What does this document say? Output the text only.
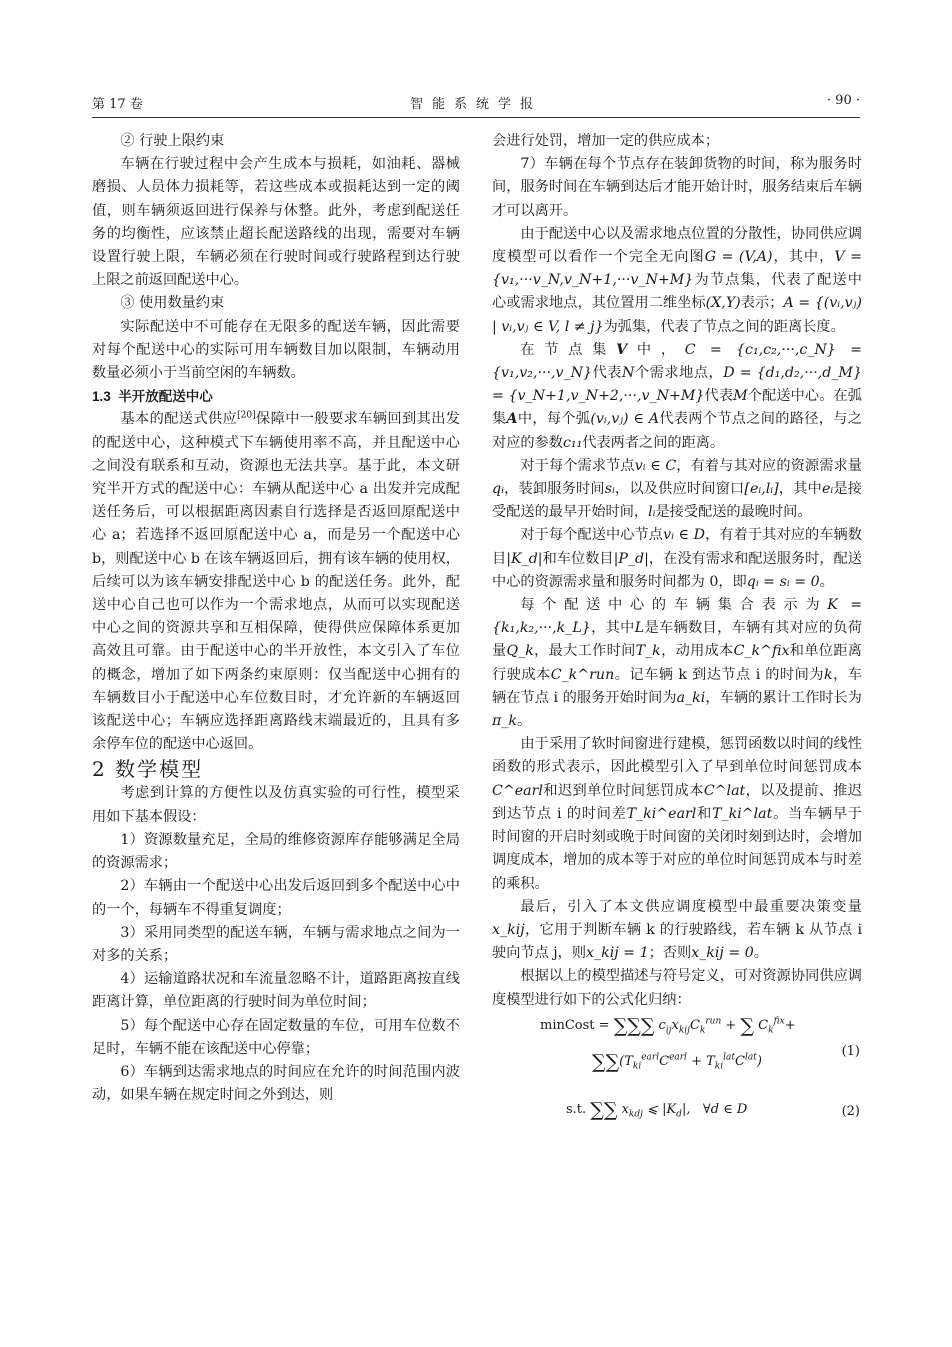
第 17 卷	智能系统学报	· 90 ·

② 行驶上限约束

车辆在行驶过程中会产生成本与损耗，如油耗、器械磨损、人员体力损耗等，若这些成本或损耗达到一定的阈值，则车辆须返回进行保养与休整。此外，考虑到配送任务的均衡性，应该禁止超长配送路线的出现，需要对车辆设置行驶上限，车辆必须在行驶时间或行驶路程到达行驶上限之前返回配送中心。

③ 使用数量约束

实际配送中不可能存在无限多的配送车辆，因此需要对每个配送中心的实际可用车辆数目加以限制，车辆动用数量必须小于当前空闲的车辆数。

1.3 半开放配送中心

基本的配送式供应[20]保障中一般要求车辆回到其出发的配送中心，这种模式下车辆使用率不高，并且配送中心之间没有联系和互动，资源也无法共享。基于此，本文研究半开方式的配送中心：车辆从配送中心 a 出发并完成配送任务后，可以根据距离因素自行选择是否返回原配送中心 a；若选择不返回原配送中心 a，而是另一个配送中心 b，则配送中心 b 在该车辆返回后，拥有该车辆的使用权，后续可以为该车辆安排配送中心 b 的配送任务。此外，配送中心自己也可以作为一个需求地点，从而可以实现配送中心之间的资源共享和互相保障，使得供应保障体系更加高效且可靠。由于配送中心的半开放性，本文引入了车位的概念，增加了如下两条约束原则：仅当配送中心拥有的车辆数目小于配送中心车位数目时，才允许新的车辆返回该配送中心；车辆应选择距离路线末端最近的，且具有多余停车位的配送中心返回。

2 数学模型

考虑到计算的方便性以及仿真实验的可行性，模型采用如下基本假设：

1）资源数量充足，全局的维修资源库存能够满足全局的资源需求；

2）车辆由一个配送中心出发后返回到多个配送中心中的一个，每辆车不得重复调度；

3）采用同类型的配送车辆，车辆与需求地点之间为一对多的关系；

4）运输道路状况和车流量忽略不计，道路距离按直线距离计算，单位距离的行驶时间为单位时间；

5）每个配送中心存在固定数量的车位，可用车位数不足时，车辆不能在该配送中心停靠；

6）车辆到达需求地点的时间应在允许的时间范围内波动，如果车辆在规定时间之外到达，则

会进行处罚，增加一定的供应成本；

7）车辆在每个节点存在装卸货物的时间，称为服务时间，服务时间在车辆到达后才能开始计时，服务结束后车辆才可以离开。

由于配送中心以及需求地点位置的分散性，协同供应调度模型可以看作一个完全无向图G = (V,A)，其中，V = {v₁,···v_N,v_N+1,···v_N+M}为节点集，代表了配送中心或需求地点，其位置用二维坐标(X,Y)表示；A = {(vᵢ,vⱼ) | vᵢ,vⱼ ∈ V, l ≠ j}为弧集，代表了节点之间的距离长度。

在节点集V中，C = {c₁,c₂,···,c_N} = {v₁,v₂,···,v_N}代表N个需求地点，D = {d₁,d₂,···,d_M} = {v_N+1,v_N+2,···,v_N+M}代表M个配送中心。在弧集A中，每个弧(vᵢ,vⱼ) ∈ A代表两个节点之间的路径，与之对应的参数c₁₁代表两者之间的距离。

对于每个需求节点vᵢ ∈ C，有着与其对应的资源需求量qᵢ，装卸服务时间sᵢ，以及供应时间窗口[eᵢ,lᵢ]，其中eᵢ是接受配送的最早开始时间，lᵢ是接受配送的最晚时间。

对于每个配送中心节点vᵢ ∈ D，有着于其对应的车辆数目|K_d|和车位数目|P_d|，在没有需求和配送服务时，配送中心的资源需求量和服务时间都为 0，即qᵢ = sᵢ = 0。

每个配送中心的车辆集合表示为K = {k₁,k₂,···,k_L}，其中L是车辆数目，车辆有其对应的负荷量Q_k，最大工作时间T_k，动用成本C_k^fix和单位距离行驶成本C_k^run。记车辆 k 到达节点 i 的时间为k，车辆在节点 i 的服务开始时间为a_ki，车辆的累计工作时长为π_k。

由于采用了软时间窗进行建模，惩罚函数以时间的线性函数的形式表示，因此模型引入了早到单位时间惩罚成本C^earl和迟到单位时间惩罚成本C^lat，以及提前、推迟到达节点 i 的时间差T_ki^earl和T_ki^lat。当车辆早于时间窗的开启时刻或晚于时间窗的关闭时刻到达时，会增加调度成本，增加的成本等于对应的单位时间惩罚成本与时差的乘积。

最后，引入了本文供应调度模型中最重要决策变量x_kij，它用于判断车辆 k 的行驶路线，若车辆 k 从节点 i 驶向节点 j，则x_kij = 1；否则x_kij = 0。

根据以上的模型描述与符号定义，可对资源协同供应调度模型进行如下的公式化归纳：

minCost = ∑∑∑ $c_{ij}x_{kij}C_k^{run}$ + ∑ $C_k^{fix}+$
$\sum\sum(T_{ki}^{earl}C^{earl} + T_{ki}^{lat}C^{lat})$
(1)
s.t. ∑∑ $x_{kdj}$ ⩽ $|K_d|$,   ∀d ∈ D	(2)
